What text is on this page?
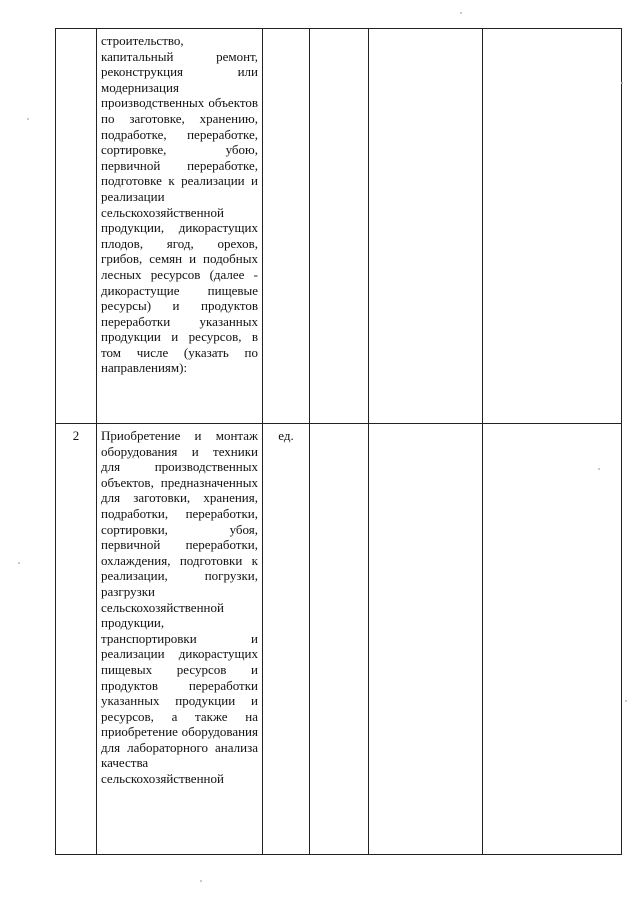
	строительство, капитальный ремонт, реконструкция или модернизация производственных объектов по заготовке, хранению, подработке, переработке, сортировке, убою, первичной переработке, подготовке к реализации и реализации сельскохозяйственной продукции, дикорастущих плодов, ягод, орехов, грибов, семян и подобных лесных ресурсов (далее - дикорастущие пищевые ресурсы) и продуктов переработки указанных продукции и ресурсов, в том числе (указать по направлениям):				
2	Приобретение и монтаж оборудования и техники для производственных объектов, предназначенных для заготовки, хранения, подработки, переработки, сортировки, убоя, первичной переработки, охлаждения, подготовки к реализации, погрузки, разгрузки сельскохозяйственной продукции, транспортировки и реализации дикорастущих пищевых ресурсов и продуктов переработки указанных продукции и ресурсов, а также на приобретение оборудования для лабораторного анализа качества сельскохозяйственной	ед.			
